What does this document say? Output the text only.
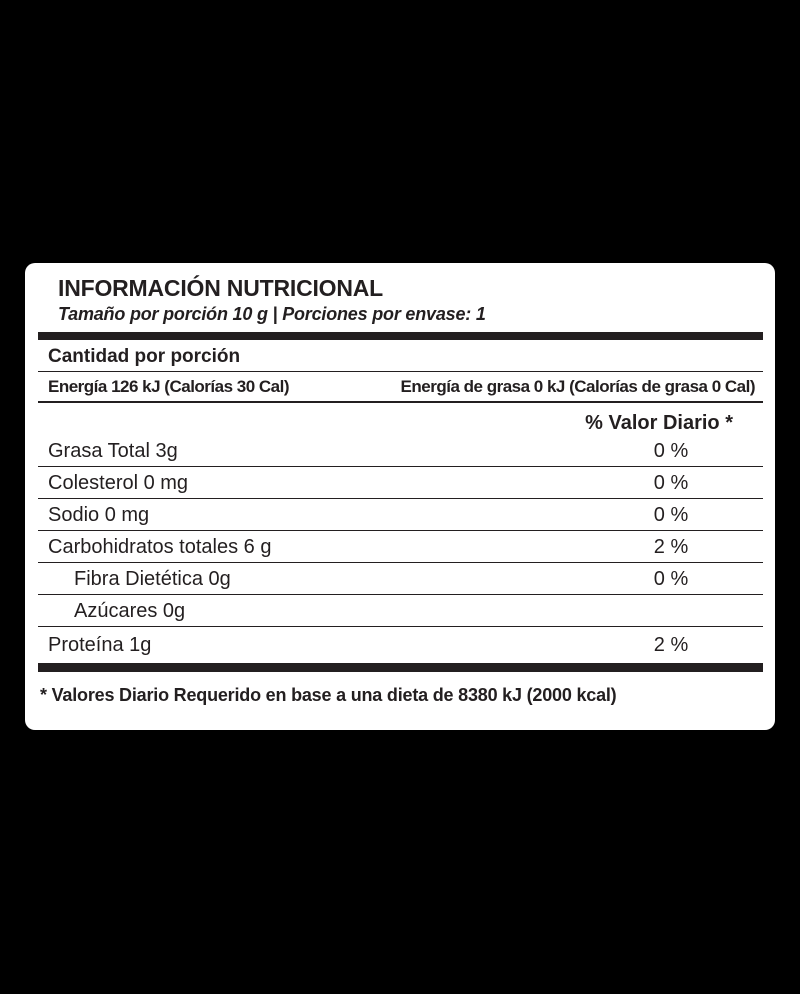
INFORMACIÓN NUTRICIONAL
Tamaño por porción 10 g | Porciones por envase: 1
Cantidad por porción
Energía 126 kJ (Calorías 30 Cal)	Energía de grasa 0 kJ (Calorías de grasa 0 Cal)
% Valor Diario *
Grasa Total 3g	0 %
Colesterol 0 mg	0 %
Sodio 0 mg	0 %
Carbohidratos totales 6 g	2 %
Fibra Dietética 0g	0 %
Azúcares 0g
Proteína 1g	2 %
* Valores Diario Requerido en base a una dieta de 8380 kJ (2000 kcal)
